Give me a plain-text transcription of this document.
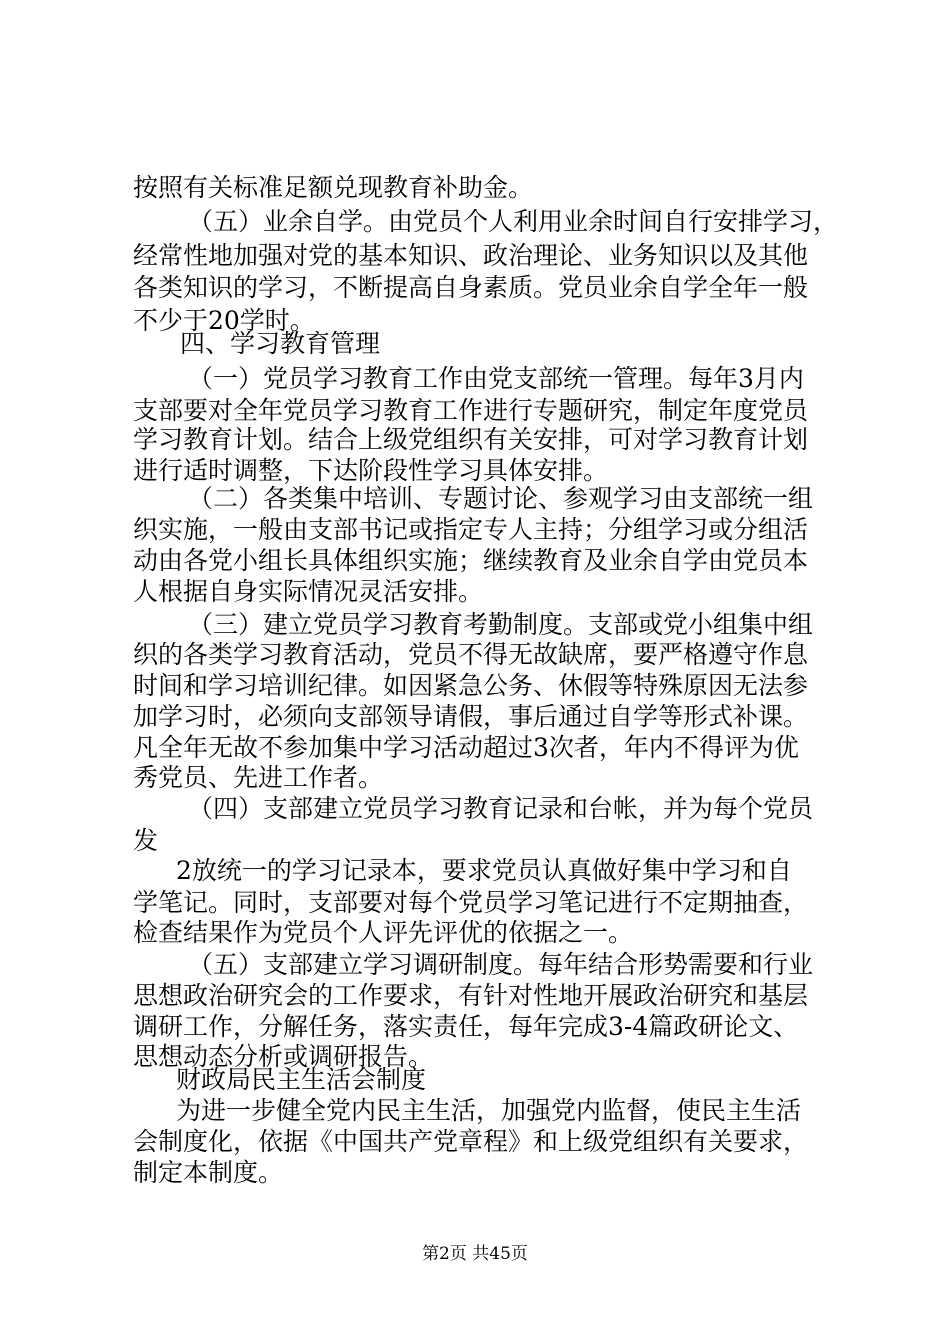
按照有关标准足额兑现教育补助金。
（五）业余自学。由党员个人利用业余时间自行安排学习，
经常性地加强对党的基本知识、政治理论、业务知识以及其他
各类知识的学习，不断提高自身素质。党员业余自学全年一般
不少于20学时。
四、学习教育管理
（一）党员学习教育工作由党支部统一管理。每年3月内
支部要对全年党员学习教育工作进行专题研究，制定年度党员
学习教育计划。结合上级党组织有关安排，可对学习教育计划
进行适时调整，下达阶段性学习具体安排。
（二）各类集中培训、专题讨论、参观学习由支部统一组
织实施，一般由支部书记或指定专人主持；分组学习或分组活
动由各党小组长具体组织实施；继续教育及业余自学由党员本
人根据自身实际情况灵活安排。
（三）建立党员学习教育考勤制度。支部或党小组集中组
织的各类学习教育活动，党员不得无故缺席，要严格遵守作息
时间和学习培训纪律。如因紧急公务、休假等特殊原因无法参
加学习时，必须向支部领导请假，事后通过自学等形式补课。
凡全年无故不参加集中学习活动超过3次者，年内不得评为优
秀党员、先进工作者。
（四）支部建立党员学习教育记录和台帐，并为每个党员
发
2放统一的学习记录本，要求党员认真做好集中学习和自
学笔记。同时，支部要对每个党员学习笔记进行不定期抽查，
检查结果作为党员个人评先评优的依据之一。
（五）支部建立学习调研制度。每年结合形势需要和行业
思想政治研究会的工作要求，有针对性地开展政治研究和基层
调研工作，分解任务，落实责任，每年完成3-4篇政研论文、
思想动态分析或调研报告。
财政局民主生活会制度
为进一步健全党内民主生活，加强党内监督，使民主生活
会制度化，依据《中国共产党章程》和上级党组织有关要求，
制定本制度。
第2页 共45页
